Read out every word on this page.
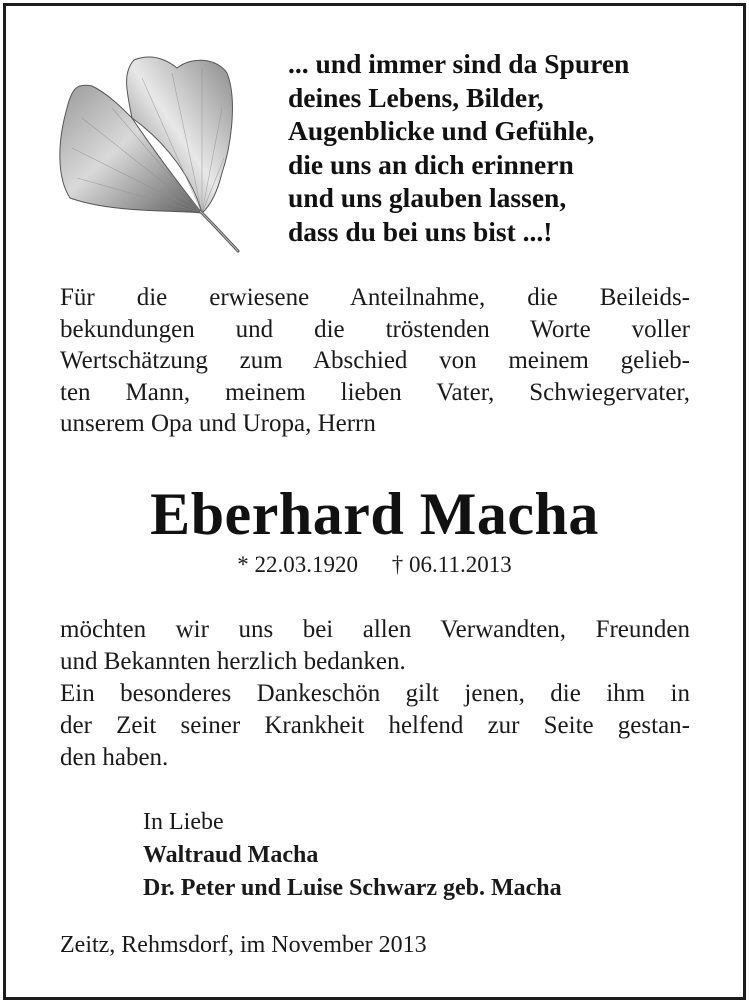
... und immer sind da Spuren
deines Lebens, Bilder,
Augenblicke und Gefühle,
die uns an dich erinnern
und uns glauben lassen,
dass du bei uns bist ...!
Für die erwiesene Anteilnahme, die Beileids-
bekundungen und die tröstenden Worte voller
Wertschätzung zum Abschied von meinem gelieb-
ten Mann, meinem lieben Vater, Schwiegervater,
unserem Opa und Uropa, Herrn
Eberhard Macha
* 22.03.1920 † 06.11.2013
möchten wir uns bei allen Verwandten, Freunden
und Bekannten herzlich bedanken.
Ein besonderes Dankeschön gilt jenen, die ihm in
der Zeit seiner Krankheit helfend zur Seite gestan-
den haben.
In Liebe
Waltraud Macha
Dr. Peter und Luise Schwarz geb. Macha
Zeitz, Rehmsdorf, im November 2013
